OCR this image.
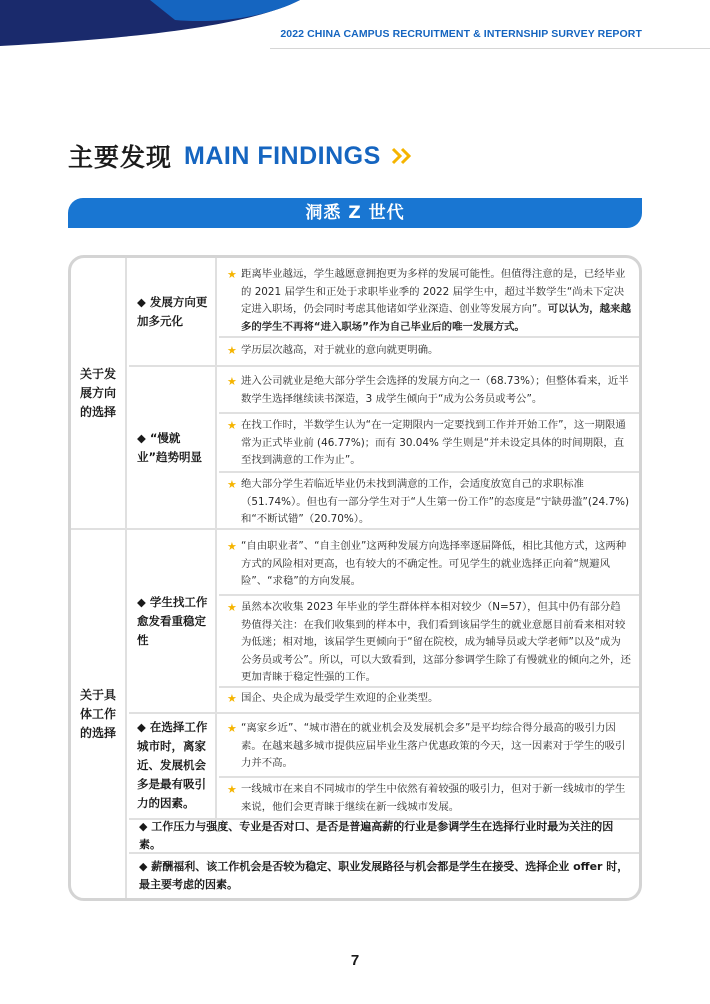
2022 CHINA CAMPUS RECRUITMENT & INTERNSHIP SURVEY REPORT
主要发现 MAIN FINDINGS
洞悉 Z 世代
关于发展方向的选择
◆ 发展方向更加多元化
★ 距离毕业越远，学生越愿意拥抱更为多样的发展可能性。但值得注意的是，已经毕业的 2021 届学生和正处于求职毕业季的 2022 届学生中，超过半数学生“尚未下定决定进入职场，仍会同时考虑其他诸如学业深造、创业等发展方向”。可以认为，越来越多的学生不再将“进入职场”作为自己毕业后的唯一发展方式。
★ 学历层次越高，对于就业的意向就更明确。
◆ “慢就业”趋势明显
★ 进入公司就业是绝大部分学生会选择的发展方向之一（68.73%）；但整体看来，近半数学生选择继续读书深造，3 成学生倾向于“成为公务员或考公”。
★ 在找工作时，半数学生认为“在一定期限内一定要找到工作并开始工作”，这一期限通常为正式毕业前 (46.77%)；而有 30.04% 学生则是“并未设定具体的时间期限，直至找到满意的工作为止”。
★ 绝大部分学生若临近毕业仍未找到满意的工作，会适度放宽自己的求职标准（51.74%）。但也有一部分学生对于“人生第一份工作”的态度是“宁缺毋滥”(24.7%) 和“不断试错”（20.70%）。
关于具体工作的选择
◆ 学生找工作愈发看重稳定性
★ “自由职业者”、“自主创业”这两种发展方向选择率逐届降低，相比其他方式，这两种方式的风险相对更高，也有较大的不确定性。可见学生的就业选择正向着“规避风险”、“求稳”的方向发展。
★ 虽然本次收集 2023 年毕业的学生群体样本相对较少（N=57），但其中仍有部分趋势值得关注：在我们收集到的样本中，我们看到该届学生的就业意愿目前看来相对较为低迷；相对地，该届学生更倾向于“留在院校，成为辅导员或大学老师”以及“成为公务员或考公”。所以，可以大致看到，这部分参调学生除了有慢就业的倾向之外，还更加青睐于稳定性强的工作。
★ 国企、央企成为最受学生欢迎的企业类型。
◆ 在选择工作城市时，离家近、发展机会多是最有吸引力的因素。
★ “离家乡近”、“城市潜在的就业机会及发展机会多”是平均综合得分最高的吸引力因素。在越来越多城市提供应届毕业生落户优惠政策的今天，这一因素对于学生的吸引力并不高。
★ 一线城市在来自不同城市的学生中依然有着较强的吸引力，但对于新一线城市的学生来说，他们会更青睐于继续在新一线城市发展。
◆ 工作压力与强度、专业是否对口、是否是普遍高薪的行业是参调学生在选择行业时最为关注的因素。
◆ 薪酬福利、该工作机会是否较为稳定、职业发展路径与机会都是学生在接受、选择企业 offer 时，最主要考虑的因素。
7
